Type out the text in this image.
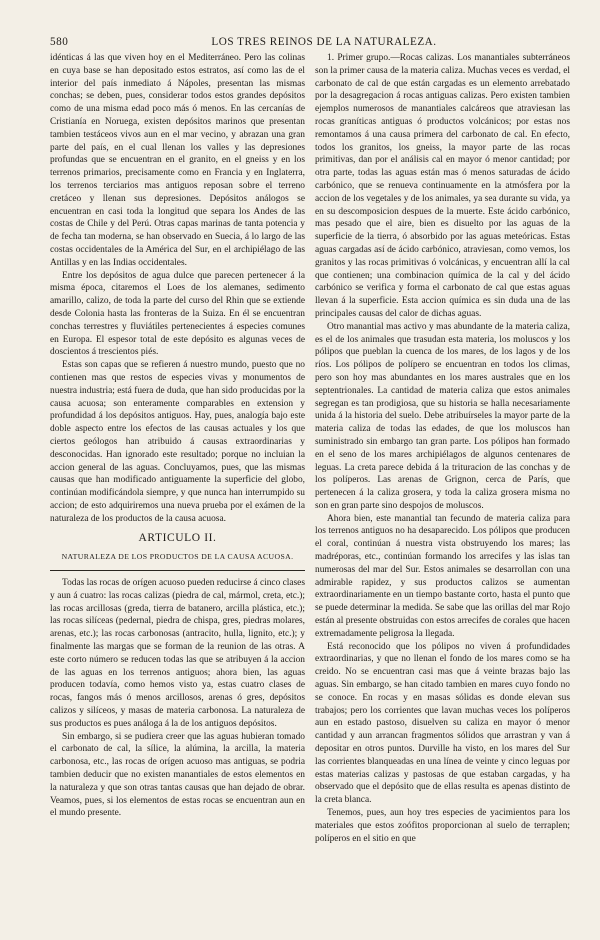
580	LOS TRES REINOS DE LA NATURALEZA.

idénticas á las que viven hoy en el Mediterráneo. Pero las colinas en cuya base se han depositado estos estratos, así como las de el interior del país inmediato á Nápoles, presentan las mismas conchas; se deben, pues, considerar todos estos grandes depósitos como de una misma edad poco más ó menos. En las cercanías de Cristianía en Noruega, existen depósitos marinos que presentan tambien testáceos vivos aun en el mar vecino, y abrazan una gran parte del país, en el cual llenan los valles y las depresiones profundas que se encuentran en el granito, en el gneiss y en los terrenos primarios, precisamente como en Francia y en Inglaterra, los terrenos terciarios mas antiguos reposan sobre el terreno cretáceo y llenan sus depresiones. Depósitos análogos se encuentran en casi toda la longitud que separa los Andes de las costas de Chile y del Perú. Otras capas marinas de tanta potencia y de fecha tan moderna, se han observado en Suecia, á lo largo de las costas occidentales de la América del Sur, en el archipiélago de las Antillas y en las Indias occidentales.

Entre los depósitos de agua dulce que parecen pertenecer á la misma época, citaremos el Loes de los alemanes, sedimento amarillo, calizo, de toda la parte del curso del Rhin que se extiende desde Colonia hasta las fronteras de la Suiza. En él se encuentran conchas terrestres y fluviátiles pertenecientes á especies comunes en Europa. El espesor total de este depósito es algunas veces de doscientos á trescientos piés.

Estas son capas que se refieren á nuestro mundo, puesto que no contienen mas que restos de especies vivas y monumentos de nuestra industria; está fuera de duda, que han sido producidas por la causa acuosa; son enteramente comparables en extension y profundidad á los depósitos antiguos. Hay, pues, analogía bajo este doble aspecto entre los efectos de las causas actuales y los que ciertos geólogos han atribuido á causas extraordinarias y desconocidas. Han ignorado este resultado; porque no incluian la accion general de las aguas. Concluyamos, pues, que las mismas causas que han modificado antiguamente la superficie del globo, continúan modificándola siempre, y que nunca han interrumpido su accion; de esto adquiriremos una nueva prueba por el exámen de la naturaleza de los productos de la causa acuosa.

ARTICULO II.
NATURALEZA DE LOS PRODUCTOS DE LA CAUSA ACUOSA.

Todas las rocas de orígen acuoso pueden reducirse á cinco clases y aun á cuatro: las rocas calizas (piedra de cal, mármol, creta, etc.); las rocas arcillosas (greda, tierra de batanero, arcilla plástica, etc.); las rocas silíceas (pedernal, piedra de chispa, gres, piedras molares, arenas, etc.); las rocas carbonosas (antracito, hulla, lignito, etc.); y finalmente las margas que se forman de la reunion de las otras. A este corto número se reducen todas las que se atribuyen á la accion de las aguas en los terrenos antiguos; ahora bien, las aguas producen todavía, como hemos visto ya, estas cuatro clases de rocas, fangos más ó menos arcillosos, arenas ó gres, depósitos calizos y silíceos, y masas de materia carbonosa. La naturaleza de sus productos es pues análoga á la de los antiguos depósitos.

Sin embargo, si se pudiera creer que las aguas hubieran tomado el carbonato de cal, la sílice, la alúmina, la arcilla, la materia carbonosa, etc., las rocas de orígen acuoso mas antiguas, se podria tambien deducir que no existen manantiales de estos elementos en la naturaleza y que son otras tantas causas que han dejado de obrar. Veamos, pues, si los elementos de estas rocas se encuentran aun en el mundo presente.

1. Primer grupo.—Rocas calizas. Los manantiales subterráneos son la primer causa de la materia caliza. Muchas veces es verdad, el carbonato de cal de que están cargadas es un elemento arrebatado por la desagregacion á rocas antiguas calizas. Pero existen tambien ejemplos numerosos de manantiales calcáreos que atraviesan las rocas graníticas antiguas ó productos volcánicos; por estas nos remontamos á una causa primera del carbonato de cal. En efecto, todos los granitos, los gneiss, la mayor parte de las rocas primitivas, dan por el análisis cal en mayor ó menor cantidad; por otra parte, todas las aguas están mas ó menos saturadas de ácido carbónico, que se renueva continuamente en la atmósfera por la accion de los vegetales y de los animales, ya sea durante su vida, ya en su descomposicion despues de la muerte. Este ácido carbónico, mas pesado que el aire, bien es disuelto por las aguas de la superficie de la tierra, ó absorbido por las aguas meteóricas. Estas aguas cargadas así de ácido carbónico, atraviesan, como vemos, los granitos y las rocas primitivas ó volcánicas, y encuentran allí la cal que contienen; una combinacion química de la cal y del ácido carbónico se verifica y forma el carbonato de cal que estas aguas llevan á la superficie. Esta accion química es sin duda una de las principales causas del calor de dichas aguas.

Otro manantial mas activo y mas abundante de la materia caliza, es el de los animales que trasudan esta materia, los moluscos y los pólipos que pueblan la cuenca de los mares, de los lagos y de los ríos. Los pólipos de polípero se encuentran en todos los climas, pero son hoy mas abundantes en los mares australes que en los septentrionales. La cantidad de materia caliza que estos animales segregan es tan prodigiosa, que su historia se halla necesariamente unida á la historia del suelo. Debe atribuírseles la mayor parte de la materia caliza de todas las edades, de que los moluscos han suministrado sin embargo tan gran parte. Los pólipos han formado en el seno de los mares archipiélagos de algunos centenares de leguas. La creta parece debida á la trituracion de las conchas y de los políperos. Las arenas de Grignon, cerca de París, que pertenecen á la caliza grosera, y toda la caliza grosera misma no son en gran parte sino despojos de moluscos.

Ahora bien, este manantial tan fecundo de materia caliza para los terrenos antiguos no ha desaparecido. Los pólipos que producen el coral, continúan á nuestra vista obstruyendo los mares; las madréporas, etc., continúan formando los arrecifes y las islas tan numerosas del mar del Sur. Estos animales se desarrollan con una admirable rapidez, y sus productos calizos se aumentan extraordinariamente en un tiempo bastante corto, hasta el punto que se puede determinar la medida. Se sabe que las orillas del mar Rojo están al presente obstruidas con estos arrecifes de corales que hacen extremadamente peligrosa la llegada.

Está reconocido que los pólipos no viven á profundidades extraordinarias, y que no llenan el fondo de los mares como se ha creido. No se encuentran casi mas que á veinte brazas bajo las aguas. Sin embargo, se han citado tambien en mares cuyo fondo no se conoce. En rocas y en masas sólidas es donde elevan sus trabajos; pero los corrientes que lavan muchas veces los políperos aun en estado pastoso, disuelven su caliza en mayor ó menor cantidad y aun arrancan fragmentos sólidos que arrastran y van á depositar en otros puntos. Durville ha visto, en los mares del Sur las corrientes blanqueadas en una línea de veinte y cinco leguas por estas materias calizas y pastosas de que estaban cargadas, y ha observado que el depósito que de ellas resulta es apenas distinto de la creta blanca.

Tenemos, pues, aun hoy tres especies de yacimientos para los materiales que estos zoófitos proporcionan al suelo de terraplen; políperos en el sitio en que
